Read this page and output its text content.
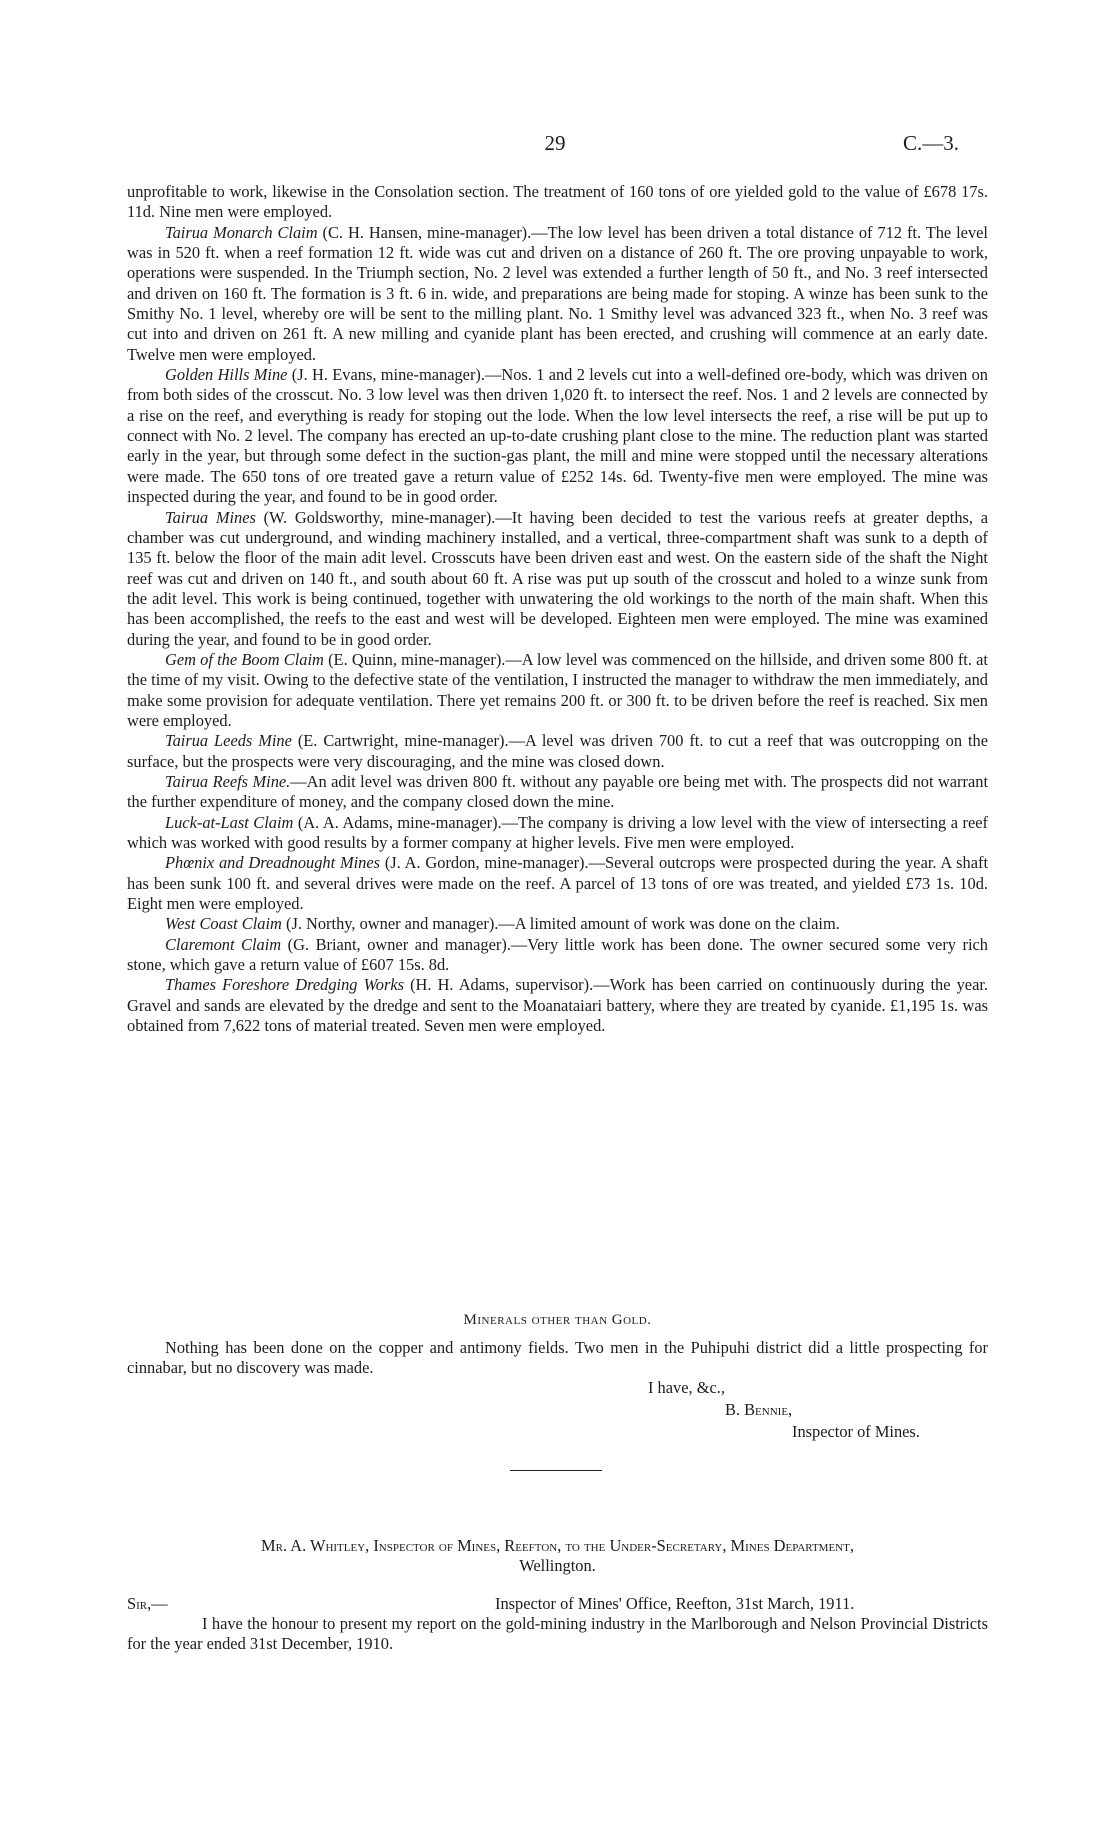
29	C.—3.

unprofitable to work, likewise in the Consolation section. The treatment of 160 tons of ore yielded gold to the value of £678 17s. 11d. Nine men were employed.

Tairua Monarch Claim (C. H. Hansen, mine-manager).—The low level has been driven a total distance of 712 ft. The level was in 520 ft. when a reef formation 12 ft. wide was cut and driven on a distance of 260 ft. The ore proving unpayable to work, operations were suspended. In the Triumph section, No. 2 level was extended a further length of 50 ft., and No. 3 reef intersected and driven on 160 ft. The formation is 3 ft. 6 in. wide, and preparations are being made for stoping. A winze has been sunk to the Smithy No. 1 level, whereby ore will be sent to the milling plant. No. 1 Smithy level was advanced 323 ft., when No. 3 reef was cut into and driven on 261 ft. A new milling and cyanide plant has been erected, and crushing will commence at an early date. Twelve men were employed.

Golden Hills Mine (J. H. Evans, mine-manager).—Nos. 1 and 2 levels cut into a well-defined ore-body, which was driven on from both sides of the crosscut. No. 3 low level was then driven 1,020 ft. to intersect the reef. Nos. 1 and 2 levels are connected by a rise on the reef, and everything is ready for stoping out the lode. When the low level intersects the reef, a rise will be put up to connect with No. 2 level. The company has erected an up-to-date crushing plant close to the mine. The reduction plant was started early in the year, but through some defect in the suction-gas plant, the mill and mine were stopped until the necessary alterations were made. The 650 tons of ore treated gave a return value of £252 14s. 6d. Twenty-five men were employed. The mine was inspected during the year, and found to be in good order.

Tairua Mines (W. Goldsworthy, mine-manager).—It having been decided to test the various reefs at greater depths, a chamber was cut underground, and winding machinery installed, and a vertical, three-compartment shaft was sunk to a depth of 135 ft. below the floor of the main adit level. Crosscuts have been driven east and west. On the eastern side of the shaft the Night reef was cut and driven on 140 ft., and south about 60 ft. A rise was put up south of the crosscut and holed to a winze sunk from the adit level. This work is being continued, together with unwatering the old workings to the north of the main shaft. When this has been accomplished, the reefs to the east and west will be developed. Eighteen men were employed. The mine was examined during the year, and found to be in good order.

Gem of the Boom Claim (E. Quinn, mine-manager).—A low level was commenced on the hillside, and driven some 800 ft. at the time of my visit. Owing to the defective state of the ventilation, I instructed the manager to withdraw the men immediately, and make some provision for adequate ventilation. There yet remains 200 ft. or 300 ft. to be driven before the reef is reached. Six men were employed.

Tairua Leeds Mine (E. Cartwright, mine-manager).—A level was driven 700 ft. to cut a reef that was outcropping on the surface, but the prospects were very discouraging, and the mine was closed down.

Tairua Reefs Mine.—An adit level was driven 800 ft. without any payable ore being met with. The prospects did not warrant the further expenditure of money, and the company closed down the mine.

Luck-at-Last Claim (A. A. Adams, mine-manager).—The company is driving a low level with the view of intersecting a reef which was worked with good results by a former company at higher levels. Five men were employed.

Phœnix and Dreadnought Mines (J. A. Gordon, mine-manager).—Several outcrops were prospected during the year. A shaft has been sunk 100 ft. and several drives were made on the reef. A parcel of 13 tons of ore was treated, and yielded £73 1s. 10d. Eight men were employed.

West Coast Claim (J. Northy, owner and manager).—A limited amount of work was done on the claim.

Claremont Claim (G. Briant, owner and manager).—Very little work has been done. The owner secured some very rich stone, which gave a return value of £607 15s. 8d.

Thames Foreshore Dredging Works (H. H. Adams, supervisor).—Work has been carried on continuously during the year. Gravel and sands are elevated by the dredge and sent to the Moanataiari battery, where they are treated by cyanide. £1,195 1s. was obtained from 7,622 tons of material treated. Seven men were employed.

Minerals other than Gold.

Nothing has been done on the copper and antimony fields. Two men in the Puhipuhi district did a little prospecting for cinnabar, but no discovery was made.

I have, &c.,
B. Bennie,
Inspector of Mines.
Mr. A. Whitley, Inspector of Mines, Reefton, to the Under-Secretary, Mines Department,
Wellington.
Sir,—	Inspector of Mines' Office, Reefton, 31st March, 1911.

I have the honour to present my report on the gold-mining industry in the Marlborough and Nelson Provincial Districts for the year ended 31st December, 1910.
